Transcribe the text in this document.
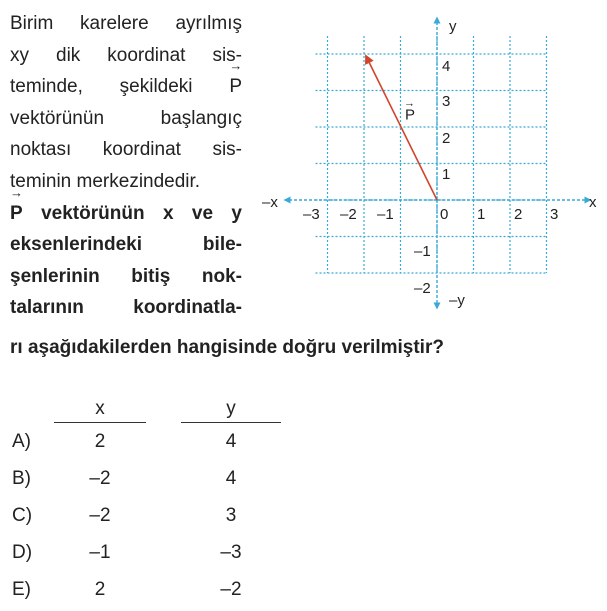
Birim karelere ayrılmış
xy dik koordinat sis-
teminde, şekildeki → P
vektörünün başlangıç
noktası koordinat sis-
teminin merkezindedir.
→ P vektörünün x ve y
eksenlerindeki bile-
şenlerinin bitiş nok-
talarının koordinatla-
rı aşağıdakilerden hangisinde doğru verilmiştir?
P
→
x
–x
y
–y
0
–3 –2 –1	1 2 3
4
3
2
1
–1
–2
x	y
A)	2	4
B)	–2	4
C)	–2	3
D)	–1	–3
E)	2	–2
